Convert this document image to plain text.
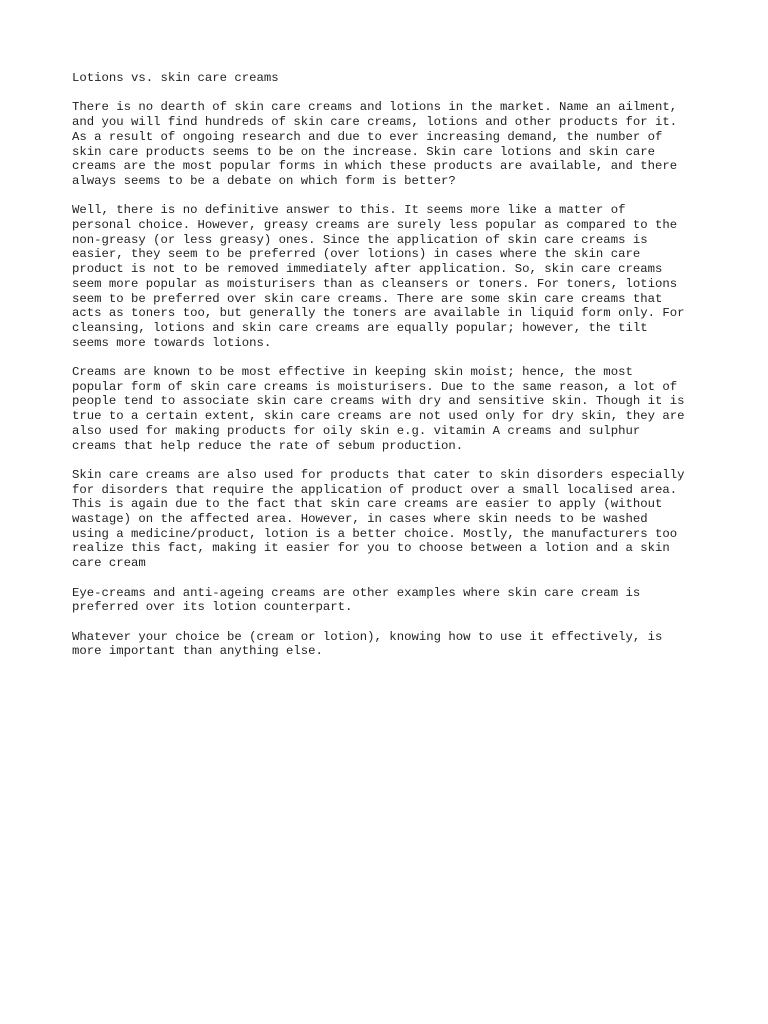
Lotions vs. skin care creams

There is no dearth of skin care creams and lotions in the market. Name an ailment,
and you will find hundreds of skin care creams, lotions and other products for it.
As a result of ongoing research and due to ever increasing demand, the number of
skin care products seems to be on the increase. Skin care lotions and skin care
creams are the most popular forms in which these products are available, and there
always seems to be a debate on which form is better?

Well, there is no definitive answer to this. It seems more like a matter of
personal choice. However, greasy creams are surely less popular as compared to the
non-greasy (or less greasy) ones. Since the application of skin care creams is
easier, they seem to be preferred (over lotions) in cases where the skin care
product is not to be removed immediately after application. So, skin care creams
seem more popular as moisturisers than as cleansers or toners. For toners, lotions
seem to be preferred over skin care creams. There are some skin care creams that
acts as toners too, but generally the toners are available in liquid form only. For
cleansing, lotions and skin care creams are equally popular; however, the tilt
seems more towards lotions.

Creams are known to be most effective in keeping skin moist; hence, the most
popular form of skin care creams is moisturisers. Due to the same reason, a lot of
people tend to associate skin care creams with dry and sensitive skin. Though it is
true to a certain extent, skin care creams are not used only for dry skin, they are
also used for making products for oily skin e.g. vitamin A creams and sulphur
creams that help reduce the rate of sebum production.

Skin care creams are also used for products that cater to skin disorders especially
for disorders that require the application of product over a small localised area.
This is again due to the fact that skin care creams are easier to apply (without
wastage) on the affected area. However, in cases where skin needs to be washed
using a medicine/product, lotion is a better choice. Mostly, the manufacturers too
realize this fact, making it easier for you to choose between a lotion and a skin
care cream

Eye-creams and anti-ageing creams are other examples where skin care cream is
preferred over its lotion counterpart.

Whatever your choice be (cream or lotion), knowing how to use it effectively, is
more important than anything else.
